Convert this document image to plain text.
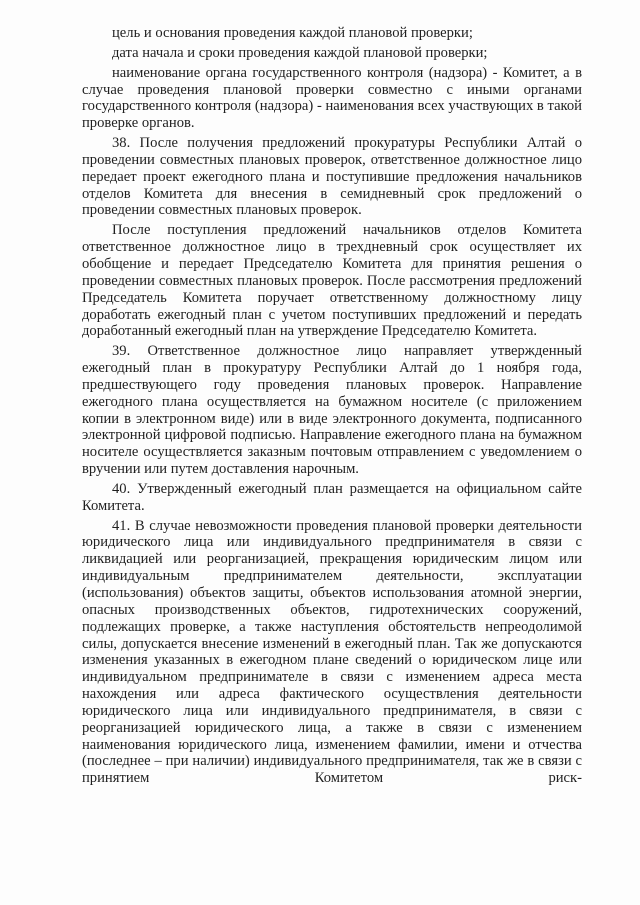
цель и основания проведения каждой плановой проверки;

дата начала и сроки проведения каждой плановой проверки;

наименование органа государственного контроля (надзора) - Комитет, а в случае проведения плановой проверки совместно с иными органами государственного контроля (надзора) - наименования всех участвующих в такой проверке органов.

38. После получения предложений прокуратуры Республики Алтай о проведении совместных плановых проверок, ответственное должностное лицо передает проект ежегодного плана и поступившие предложения начальников отделов Комитета для внесения в семидневный срок предложений о проведении совместных плановых проверок.

После поступления предложений начальников отделов Комитета ответственное должностное лицо в трехдневный срок осуществляет их обобщение и передает Председателю Комитета для принятия решения о проведении совместных плановых проверок. После рассмотрения предложений Председатель Комитета поручает ответственному должностному лицу доработать ежегодный план с учетом поступивших предложений и передать доработанный ежегодный план на утверждение Председателю Комитета.

39. Ответственное должностное лицо направляет утвержденный ежегодный план в прокуратуру Республики Алтай до 1 ноября года, предшествующего году проведения плановых проверок. Направление ежегодного плана осуществляется на бумажном носителе (с приложением копии в электронном виде) или в виде электронного документа, подписанного электронной цифровой подписью. Направление ежегодного плана на бумажном носителе осуществляется заказным почтовым отправлением с уведомлением о вручении или путем доставления нарочным.

40. Утвержденный ежегодный план размещается на официальном сайте Комитета.

41. В случае невозможности проведения плановой проверки деятельности юридического лица или индивидуального предпринимателя в связи с ликвидацией или реорганизацией, прекращения юридическим лицом или индивидуальным предпринимателем деятельности, эксплуатации (использования) объектов защиты, объектов использования атомной энергии, опасных производственных объектов, гидротехнических сооружений, подлежащих проверке, а также наступления обстоятельств непреодолимой силы, допускается внесение изменений в ежегодный план. Так же допускаются изменения указанных в ежегодном плане сведений о юридическом лице или индивидуальном предпринимателе в связи с изменением адреса места нахождения или адреса фактического осуществления деятельности юридического лица или индивидуального предпринимателя, в связи с реорганизацией юридического лица, а также в связи с изменением наименования юридического лица, изменением фамилии, имени и отчества (последнее – при наличии) индивидуального предпринимателя, так же в связи с принятием Комитетом риск-
